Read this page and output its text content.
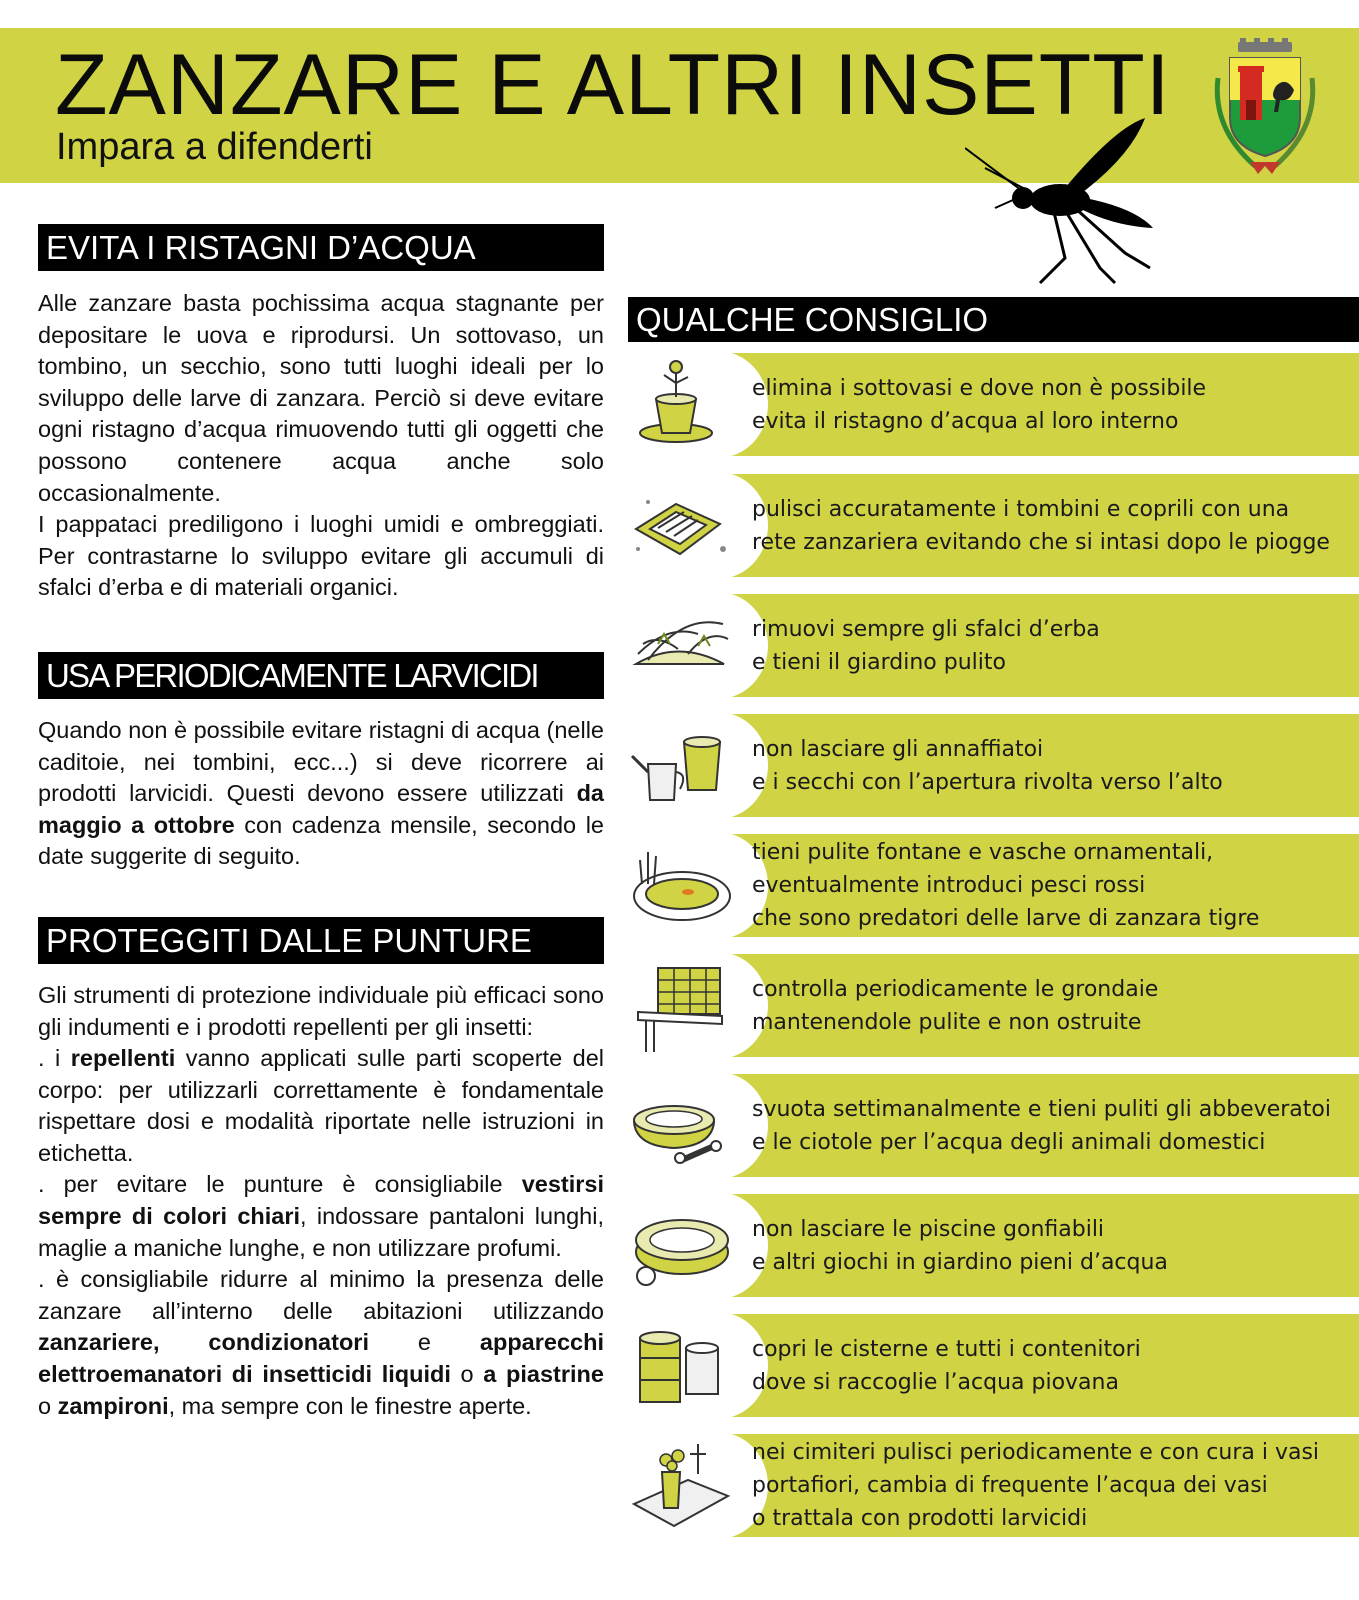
ZANZARE E ALTRI INSETTI
Impara a difenderti
EVITA I RISTAGNI D’ACQUA

Alle zanzare basta pochissima acqua stagnante per depositare le uova e riprodursi. Un sottovaso, un tombino, un secchio, sono tutti luoghi ideali per lo sviluppo delle larve di zanzara. Perciò si deve evitare ogni ristagno d’acqua rimuovendo tutti gli oggetti che possono contenere acqua anche solo occasionalmente.

I pappataci prediligono i luoghi umidi e ombreggiati. Per contrastarne lo sviluppo evitare gli accumuli di sfalci d’erba e di materiali organici.

USA PERIODICAMENTE LARVICIDI

Quando non è possibile evitare ristagni di acqua (nelle caditoie, nei tombini, ecc...) si deve ricorrere ai prodotti larvicidi. Questi devono essere utilizzati da maggio a ottobre con cadenza mensile, secondo le date suggerite di seguito.

PROTEGGITI DALLE PUNTURE

Gli strumenti di protezione individuale più efficaci sono gli indumenti e i prodotti repellenti per gli insetti:

. i repellenti vanno applicati sulle parti scoperte del corpo: per utilizzarli correttamente è fondamentale rispettare dosi e modalità riportate nelle istruzioni in etichetta.

. per evitare le punture è consigliabile vestirsi sempre di colori chiari, indossare pantaloni lunghi, maglie a maniche lunghe, e non utilizzare profumi.

. è consigliabile ridurre al minimo la presenza delle zanzare all’interno delle abitazioni utilizzando zanzariere, condizionatori e apparecchi elettroemanatori di insetticidi liquidi o a piastrine o zampironi, ma sempre con le finestre aperte.

QUALCHE CONSIGLIO
elimina i sottovasi e dove non è possibile
evita il ristagno d’acqua al loro interno
pulisci accuratamente i tombini e coprili con una
rete zanzariera evitando che si intasi dopo le piogge
rimuovi sempre gli sfalci d’erba
e tieni il giardino pulito
non lasciare gli annaffiatoi
e i secchi con l’apertura rivolta verso l’alto
tieni pulite fontane e vasche ornamentali,
eventualmente introduci pesci rossi
che sono predatori delle larve di zanzara tigre
controlla periodicamente le grondaie
mantenendole pulite e non ostruite
svuota settimanalmente e tieni puliti gli abbeveratoi
e le ciotole per l’acqua degli animali domestici
non lasciare le piscine gonfiabili
e altri giochi in giardino pieni d’acqua
copri le cisterne e tutti i contenitori
dove si raccoglie l’acqua piovana
nei cimiteri pulisci periodicamente e con cura i vasi
portafiori, cambia di frequente l’acqua dei vasi
o trattala con prodotti larvicidi
